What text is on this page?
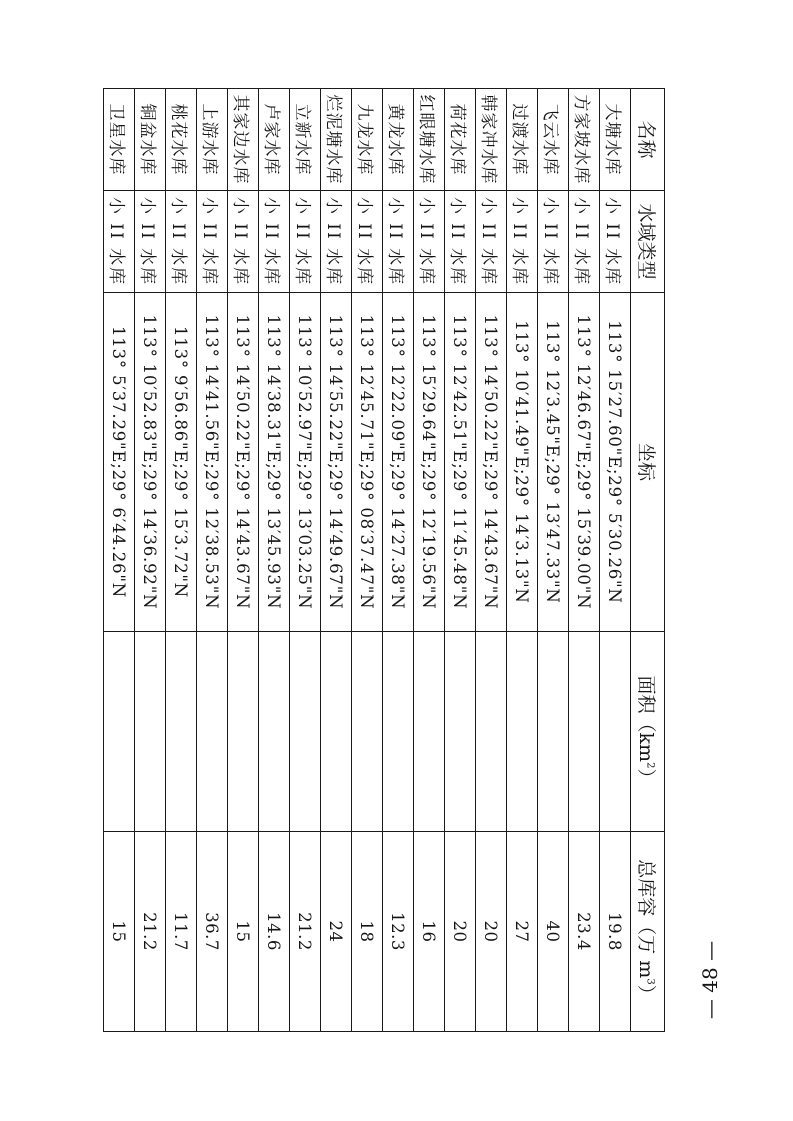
名称	水域类型	坐标	面积$(km^2)$	总库容（万 $m^3$）
大塘水库	小 II 水库	113° 15′27.60"E;29° 5′30.26"N		19.8
方家坡水库	小 II 水库	113° 12′46.67"E;29° 15′39.00"N		23.4
飞云水库	小 II 水库	113° 12′3.45"E;29° 13′47.33"N		40
过渡水库	小 II 水库	113° 10′41.49"E;29° 14′3.13"N		27
韩家冲水库	小 II 水库	113° 14′50.22"E;29° 14′43.67"N		20
荷花水库	小 II 水库	113° 12′42.51"E;29° 11′45.48"N		20
红眼塘水库	小 II 水库	113° 15′29.64"E;29° 12′19.56"N		16
黄龙水库	小 II 水库	113° 12′22.09"E;29° 14′27.38"N		12.3
九龙水库	小 II 水库	113° 12′45.71"E;29° 08′37.47"N		18
烂泥塘水库	小 II 水库	113° 14′55.22"E;29° 14′49.67"N		24
立新水库	小 II 水库	113° 10′52.97"E;29° 13′03.25"N		21.2
卢家水库	小 II 水库	113° 14′38.31"E;29° 13′45.93"N		14.6
其家边水库	小 II 水库	113° 14′50.22"E;29° 14′43.67"N		15
上游水库	小 II 水库	113° 14′41.56"E;29° 12′38.53"N		36.7
桃花水库	小 II 水库	113° 9′56.86"E;29° 15′3.72"N		11.7
铜盆水库	小 II 水库	113° 10′52.83"E;29° 14′36.92"N		21.2
卫星水库	小 II 水库	113° 5′37.29"E;29° 6′44.26"N		15
— 48 —
